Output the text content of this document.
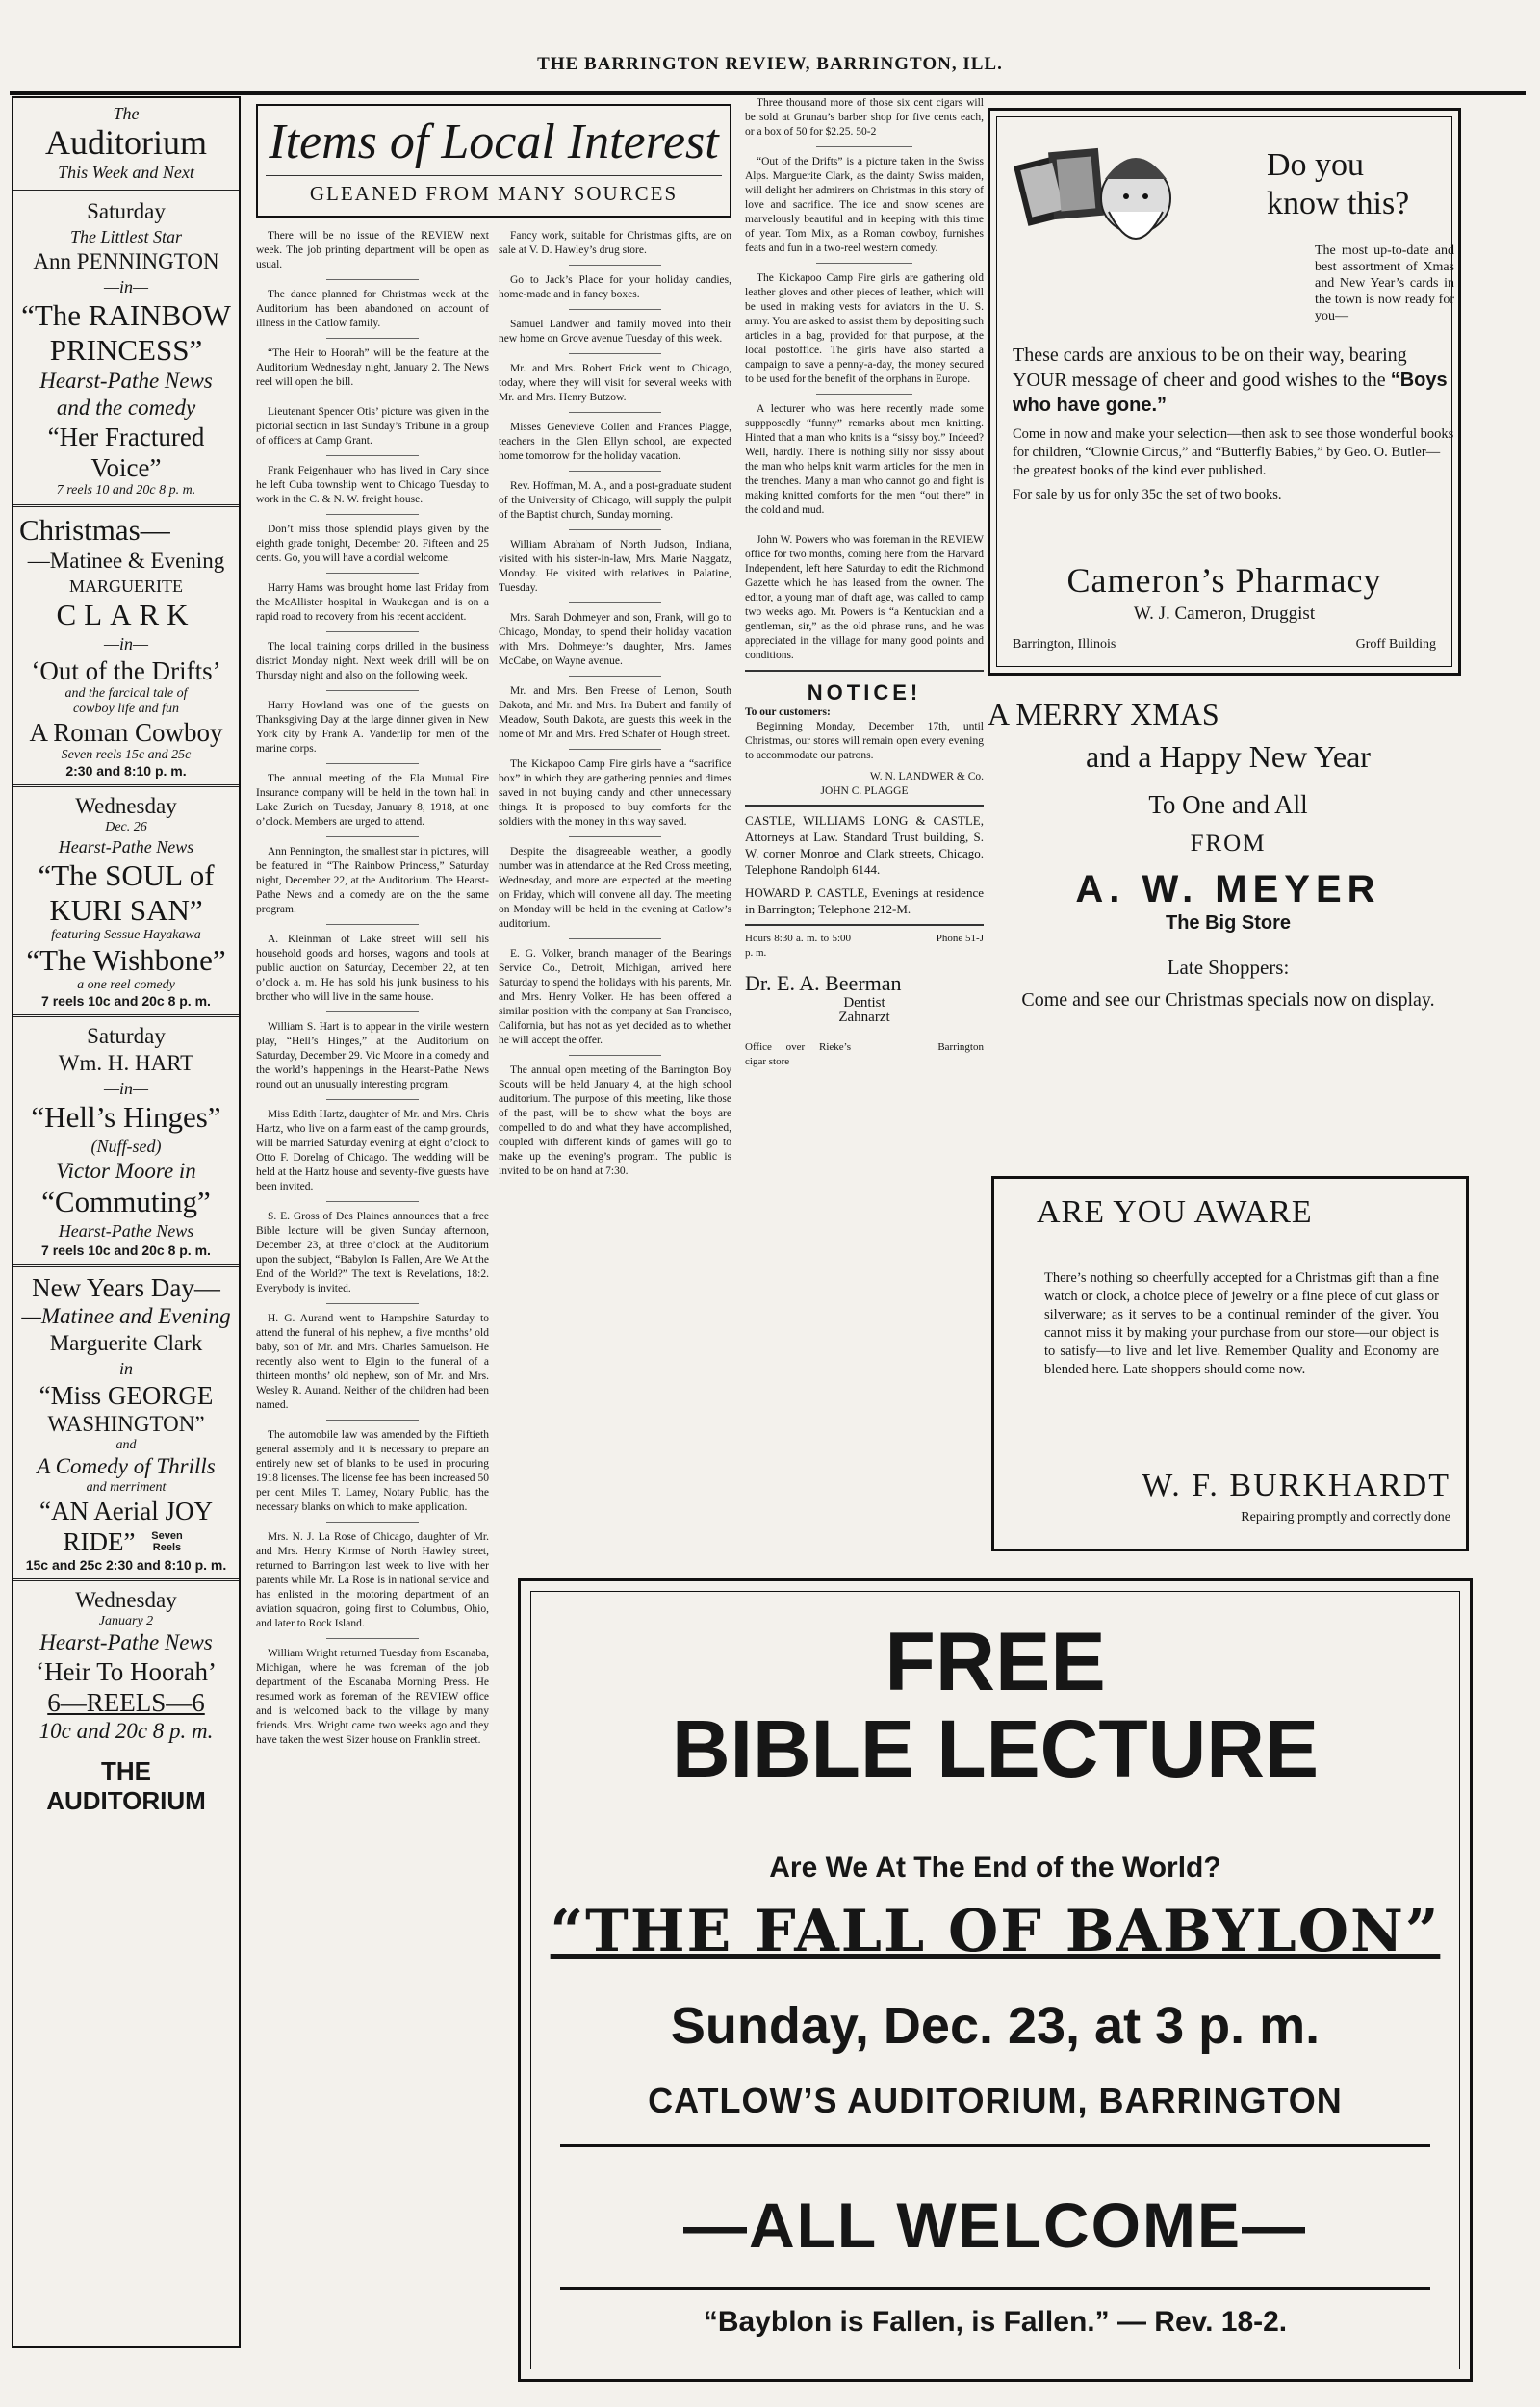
THE BARRINGTON REVIEW, BARRINGTON, ILL.
The
Auditorium
This Week and Next
Saturday
The Littlest Star
Ann PENNINGTON
—in—
“The RAINBOW
PRINCESS”
Hearst-Pathe News
and the comedy
“Her Fractured
Voice”
7 reels 10 and 20c 8 p. m.
Christmas—
—Matinee & Evening
MARGUERITE
CLARK
—in—
‘Out of the Drifts’
and the farcical tale of
cowboy life and fun
A Roman Cowboy
Seven reels 15c and 25c
2:30 and 8:10 p. m.
Wednesday
Dec. 26
Hearst-Pathe News
“The SOUL of
KURI SAN”
featuring Sessue Hayakawa
“The Wishbone”
a one reel comedy
7 reels 10c and 20c 8 p. m.
Saturday
Wm. H. HART
—in—
“Hell’s Hinges”
(Nuff-sed)
Victor Moore in
“Commuting”
Hearst-Pathe News
7 reels 10c and 20c 8 p. m.
New Years Day—
—Matinee and Evening
Marguerite Clark
—in—
“Miss GEORGE
WASHINGTON”
and
A Comedy of Thrills
and merriment
“AN Aerial JOY
RIDE”	Seven Reels
15c and 25c 2:30 and 8:10 p. m.
Wednesday
January 2
Hearst-Pathe News
‘Heir To Hoorah’
6—REELS—6
10c and 20c 8 p. m.
THE AUDITORIUM
Items of Local Interest
GLEANED FROM MANY SOURCES

There will be no issue of the REVIEW next week. The job printing department will be open as usual.

The dance planned for Christmas week at the Auditorium has been abandoned on account of illness in the Catlow family.

“The Heir to Hoorah” will be the feature at the Auditorium Wednesday night, January 2. The News reel will open the bill.

Lieutenant Spencer Otis’ picture was given in the pictorial section in last Sunday’s Tribune in a group of officers at Camp Grant.

Frank Feigenhauer who has lived in Cary since he left Cuba township went to Chicago Tuesday to work in the C. & N. W. freight house.

Don’t miss those splendid plays given by the eighth grade tonight, December 20. Fifteen and 25 cents. Go, you will have a cordial welcome.

Harry Hams was brought home last Friday from the McAllister hospital in Waukegan and is on a rapid road to recovery from his recent accident.

The local training corps drilled in the business district Monday night. Next week drill will be on Thursday night and also on the following week.

Harry Howland was one of the guests on Thanksgiving Day at the large dinner given in New York city by Frank A. Vanderlip for men of the marine corps.

The annual meeting of the Ela Mutual Fire Insurance company will be held in the town hall in Lake Zurich on Tuesday, January 8, 1918, at one o’clock. Members are urged to attend.

Ann Pennington, the smallest star in pictures, will be featured in “The Rainbow Princess,” Saturday night, December 22, at the Auditorium. The Hearst-Pathe News and a comedy are on the the same program.

A. Kleinman of Lake street will sell his household goods and horses, wagons and tools at public auction on Saturday, December 22, at ten o’clock a. m. He has sold his junk business to his brother who will live in the same house.

William S. Hart is to appear in the virile western play, “Hell’s Hinges,” at the Auditorium on Saturday, December 29. Vic Moore in a comedy and the world’s happenings in the Hearst-Pathe News round out an unusually interesting program.

Miss Edith Hartz, daughter of Mr. and Mrs. Chris Hartz, who live on a farm east of the camp grounds, will be married Saturday evening at eight o’clock to Otto F. Dorelng of Chicago. The wedding will be held at the Hartz house and seventy-five guests have been invited.

S. E. Gross of Des Plaines announces that a free Bible lecture will be given Sunday afternoon, December 23, at three o’clock at the Auditorium upon the subject, “Babylon Is Fallen, Are We At the End of the World?” The text is Revelations, 18:2. Everybody is invited.

H. G. Aurand went to Hampshire Saturday to attend the funeral of his nephew, a five months’ old baby, son of Mr. and Mrs. Charles Samuelson. He recently also went to Elgin to the funeral of a thirteen months’ old nephew, son of Mr. and Mrs. Wesley R. Aurand. Neither of the children had been named.

The automobile law was amended by the Fiftieth general assembly and it is necessary to prepare an entirely new set of blanks to be used in procuring 1918 licenses. The license fee has been increased 50 per cent. Miles T. Lamey, Notary Public, has the necessary blanks on which to make application.

Mrs. N. J. La Rose of Chicago, daughter of Mr. and Mrs. Henry Kirmse of North Hawley street, returned to Barrington last week to live with her parents while Mr. La Rose is in national service and has enlisted in the motoring department of an aviation squadron, going first to Columbus, Ohio, and later to Rock Island.

William Wright returned Tuesday from Escanaba, Michigan, where he was foreman of the job department of the Escanaba Morning Press. He resumed work as foreman of the REVIEW office and is welcomed back to the village by many friends. Mrs. Wright came two weeks ago and they have taken the west Sizer house on Franklin street.

Fancy work, suitable for Christmas gifts, are on sale at V. D. Hawley’s drug store.

Go to Jack’s Place for your holiday candies, home-made and in fancy boxes.

Samuel Landwer and family moved into their new home on Grove avenue Tuesday of this week.

Mr. and Mrs. Robert Frick went to Chicago, today, where they will visit for several weeks with Mr. and Mrs. Henry Butzow.

Misses Genevieve Collen and Frances Plagge, teachers in the Glen Ellyn school, are expected home tomorrow for the holiday vacation.

Rev. Hoffman, M. A., and a post-graduate student of the University of Chicago, will supply the pulpit of the Baptist church, Sunday morning.

William Abraham of North Judson, Indiana, visited with his sister-in-law, Mrs. Marie Naggatz, Monday. He visited with relatives in Palatine, Tuesday.

Mrs. Sarah Dohmeyer and son, Frank, will go to Chicago, Monday, to spend their holiday vacation with Mrs. Dohmeyer’s daughter, Mrs. James McCabe, on Wayne avenue.

Mr. and Mrs. Ben Freese of Lemon, South Dakota, and Mr. and Mrs. Ira Bubert and family of Meadow, South Dakota, are guests this week in the home of Mr. and Mrs. Fred Schafer of Hough street.

The Kickapoo Camp Fire girls have a “sacrifice box” in which they are gathering pennies and dimes saved in not buying candy and other unnecessary things. It is proposed to buy comforts for the soldiers with the money in this way saved.

Despite the disagreeable weather, a goodly number was in attendance at the Red Cross meeting, Wednesday, and more are expected at the meeting on Friday, which will convene all day. The meeting on Monday will be held in the evening at Catlow’s auditorium.

E. G. Volker, branch manager of the Bearings Service Co., Detroit, Michigan, arrived here Saturday to spend the holidays with his parents, Mr. and Mrs. Henry Volker. He has been offered a similar position with the company at San Francisco, California, but has not as yet decided as to whether he will accept the offer.

The annual open meeting of the Barrington Boy Scouts will be held January 4, at the high school auditorium. The purpose of this meeting, like those of the past, will be to show what the boys are compelled to do and what they have accomplished, coupled with different kinds of games will go to make up the evening’s program. The public is invited to be on hand at 7:30.

Three thousand more of those six cent cigars will be sold at Grunau’s barber shop for five cents each, or a box of 50 for $2.25. 50-2

“Out of the Drifts” is a picture taken in the Swiss Alps. Marguerite Clark, as the dainty Swiss maiden, will delight her admirers on Christmas in this story of love and sacrifice. The ice and snow scenes are marvelously beautiful and in keeping with this time of year. Tom Mix, as a Roman cowboy, furnishes feats and fun in a two-reel western comedy.

The Kickapoo Camp Fire girls are gathering old leather gloves and other pieces of leather, which will be used in making vests for aviators in the U. S. army. You are asked to assist them by depositing such articles in a bag, provided for that purpose, at the local postoffice. The girls have also started a campaign to save a penny-a-day, the money secured to be used for the benefit of the orphans in Europe.

A lecturer who was here recently made some suppposedly “funny” remarks about men knitting. Hinted that a man who knits is a “sissy boy.” Indeed? Well, hardly. There is nothing silly nor sissy about the man who helps knit warm articles for the men in the trenches. Many a man who cannot go and fight is making knitted comforts for the men “out there” in the cold and mud.

John W. Powers who was foreman in the REVIEW office for two months, coming here from the Harvard Independent, left here Saturday to edit the Richmond Gazette which he has leased from the owner. The editor, a young man of draft age, was called to camp two weeks ago. Mr. Powers is “a Kentuckian and a gentleman, sir,” as the old phrase runs, and he was appreciated in the village for many good points and conditions.

NOTICE!
To our customers:

Beginning Monday, December 17th, until Christmas, our stores will remain open every evening to accommodate our patrons.

W. N. LANDWER & Co.
JOHN C. PLAGGE

CASTLE, WILLIAMS LONG & CASTLE, Attorneys at Law. Standard Trust building, S. W. corner Monroe and Clark streets, Chicago. Telephone Randolph 6144.

HOWARD P. CASTLE, Evenings at residence in Barrington; Telephone 212-M.

Hours 8:30 a. m. to 5:00 p. m.
Phone 51-J
Dr. E. A. Beerman
Dentist
Zahnarzt
Office over Rieke’s cigar store
Barrington
Do you
know this?
The most up-to-date and best assortment of Xmas and New Year’s cards in the town is now ready for you—
These cards are anxious to be on their way, bearing YOUR message of cheer and good wishes to the “Boys who have gone.”
Come in now and make your selection—then ask to see those wonderful books for children, “Clownie Circus,” and “Butterfly Babies,” by Geo. O. Butler—the greatest books of the kind ever published.
For sale by us for only 35c the set of two books.
Cameron’s Pharmacy
W. J. Cameron, Druggist
Barrington, Illinois	Groff Building
A MERRY XMAS
and a Happy New Year
To One and All
FROM
A. W. MEYER
The Big Store
Late Shoppers:
Come and see our Christmas specials now on display.
ARE YOU AWARE
There’s nothing so cheerfully accepted for a Christmas gift than a fine watch or clock, a choice piece of jewelry or a fine piece of cut glass or silverware; as it serves to be a continual reminder of the giver. You cannot miss it by making your purchase from our store—our object is to satisfy—to live and let live. Remember Quality and Economy are blended here. Late shoppers should come now.
W. F. BURKHARDT
Repairing promptly and correctly done
FREE
BIBLE LECTURE
Are We At The End of the World?
“THE FALL OF BABYLON”
Sunday, Dec. 23, at 3 p. m.
CATLOW’S AUDITORIUM, BARRINGTON
—ALL WELCOME—
“Bayblon is Fallen, is Fallen.” — Rev. 18-2.
